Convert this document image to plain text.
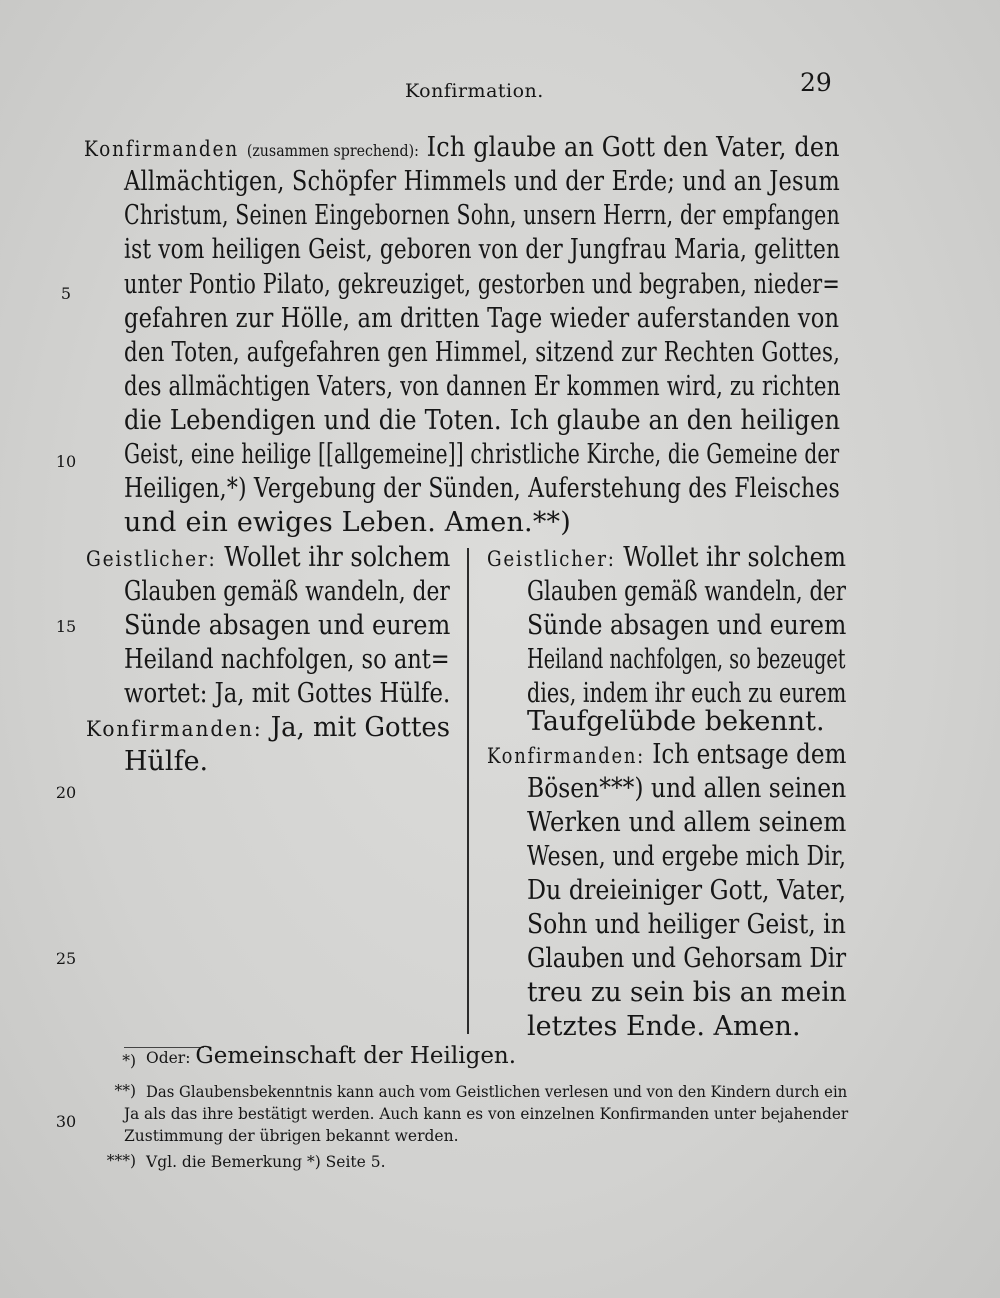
Konfirmation.	29
Konfirmanden (zusammen sprechend): Ich glaube an Gott den Vater, den
Allmächtigen, Schöpfer Himmels und der Erde; und an Jesum
Christum, Seinen Eingebornen Sohn, unsern Herrn, der empfangen
ist vom heiligen Geist, geboren von der Jungfrau Maria, gelitten
unter Pontio Pilato, gekreuziget, gestorben und begraben, nieder=
gefahren zur Hölle, am dritten Tage wieder auferstanden von
den Toten, aufgefahren gen Himmel, sitzend zur Rechten Gottes,
des allmächtigen Vaters, von dannen Er kommen wird, zu richten
die Lebendigen und die Toten. Ich glaube an den heiligen
Geist, eine heilige [[allgemeine]] christliche Kirche, die Gemeine der
Heiligen,*) Vergebung der Sünden, Auferstehung des Fleisches
und ein ewiges Leben. Amen.**)
Geistlicher: Wollet ihr solchem
Glauben gemäß wandeln, der
Sünde absagen und eurem
Heiland nachfolgen, so ant=
wortet: Ja, mit Gottes Hülfe.
Konfirmanden: Ja, mit Gottes
Hülfe.
Geistlicher: Wollet ihr solchem
Glauben gemäß wandeln, der
Sünde absagen und eurem
Heiland nachfolgen, so bezeuget
dies, indem ihr euch zu eurem
Taufgelübde bekennt.
Konfirmanden: Ich entsage dem
Bösen***) und allen seinen
Werken und allem seinem
Wesen, und ergebe mich Dir,
Du dreieiniger Gott, Vater,
Sohn und heiliger Geist, in
Glauben und Gehorsam Dir
treu zu sein bis an mein
letztes Ende. Amen.
5
10
15
20
25
30
*) Oder: Gemeinschaft der Heiligen.
**) Das Glaubensbekenntnis kann auch vom Geistlichen verlesen und von den Kindern durch ein
Ja als das ihre bestätigt werden. Auch kann es von einzelnen Konfirmanden unter bejahender
Zustimmung der übrigen bekannt werden.
***) Vgl. die Bemerkung *) Seite 5.
